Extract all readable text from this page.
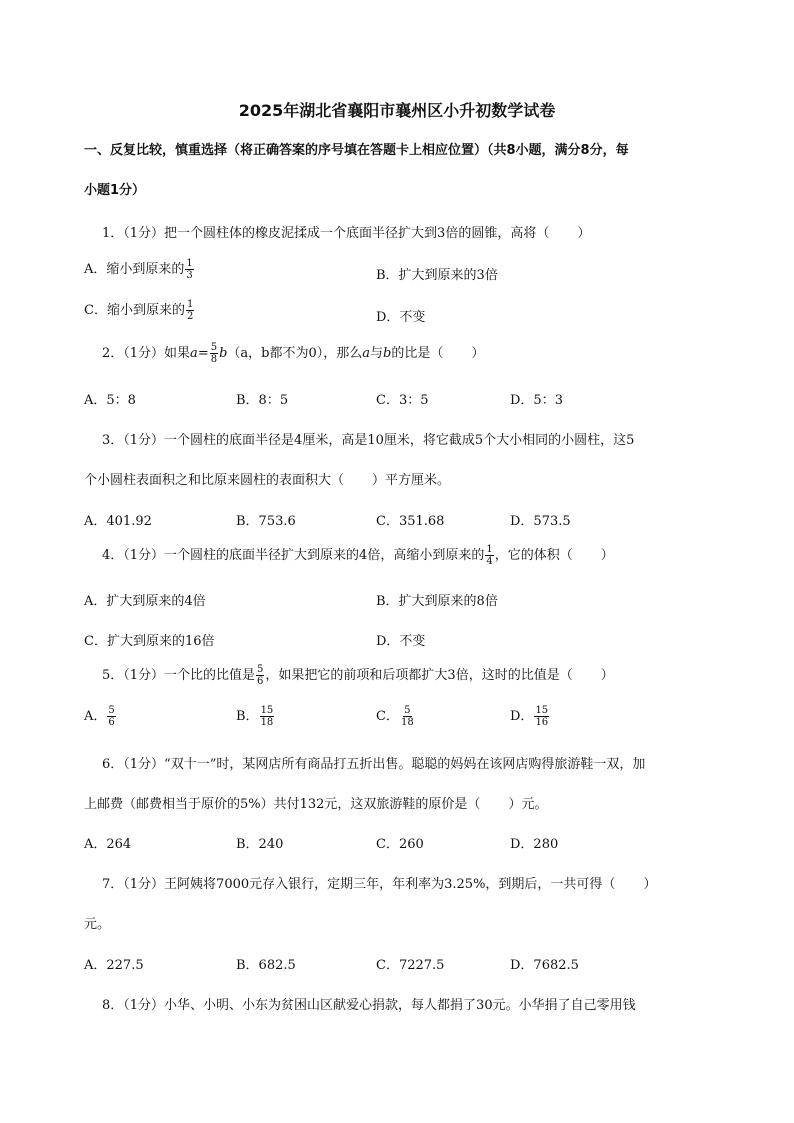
2025年湖北省襄阳市襄州区小升初数学试卷
一、反复比较，慎重选择（将正确答案的序号填在答题卡上相应位置）（共8小题，满分8分，每
小题1分）
1．（1分）把一个圆柱体的橡皮泥揉成一个底面半径扩大到3倍的圆锥，高将（ ）
A．缩小到原来的 $\frac{1}{3}$	B．扩大到原来的3倍
C．缩小到原来的 $\frac{1}{2}$	D．不变
2．（1分）如果$a= \frac{5}{8} b(a$，b都不为0），那么a与b的比是（ ）
A．5：8	B．8：5	C．3：5	D．5：3
3．（1分）一个圆柱的底面半径是4厘米，高是10厘米，将它截成5个大小相同的小圆柱，这5
个小圆柱表面积之和比原来圆柱的表面积大（ ）平方厘米。
A．401.92	B．753.6	C．351.68	D．573.5
4．（1分）一个圆柱的底面半径扩大到原来的4倍，高缩小到原来的 $\frac{1}{4}$ ，它的体积（ ）
A．扩大到原来的4倍	B．扩大到原来的8倍
C．扩大到原来的16倍	D．不变
5．（1分）一个比的比值是 $\frac{5}{6}$ ，如果把它的前项和后项都扩大3倍，这时的比值是（ ）
A． $\frac{5}{6}$	B． $\frac{15}{18}$	C． $\frac{5}{18}$	D． $\frac{15}{16}$
6．（1分）“双十一”时，某网店所有商品打五折出售。聪聪的妈妈在该网店购得旅游鞋一双，加
上邮费（邮费相当于原价的5%）共付132元，这双旅游鞋的原价是（ ）元。
A．264	B．240	C．260	D．280
7．（1分）王阿姨将7000元存入银行，定期三年，年利率为3.25%，到期后，一共可得（ ）
元。
A．227.5	B．682.5	C．7227.5	D．7682.5
8．（1分）小华、小明、小东为贫困山区献爱心捐款，每人都捐了30元。小华捐了自己零用钱
